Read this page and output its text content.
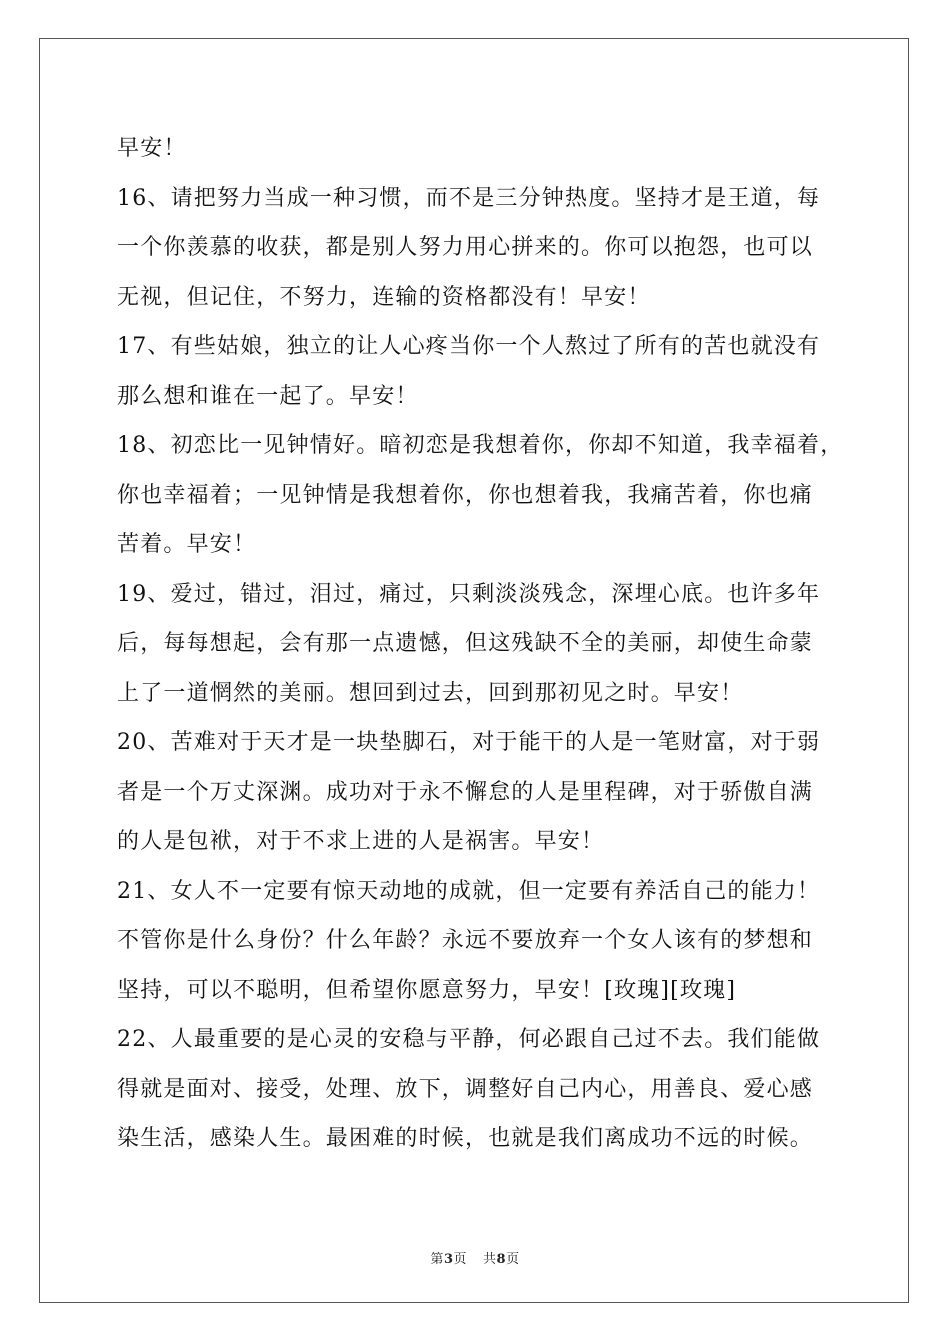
早安！
16、请把努力当成一种习惯，而不是三分钟热度。坚持才是王道，每
一个你羡慕的收获，都是别人努力用心拼来的。你可以抱怨，也可以
无视，但记住，不努力，连输的资格都没有！早安！
17、有些姑娘，独立的让人心疼当你一个人熬过了所有的苦也就没有
那么想和谁在一起了。早安！
18、初恋比一见钟情好。暗初恋是我想着你，你却不知道，我幸福着，
你也幸福着；一见钟情是我想着你，你也想着我，我痛苦着，你也痛
苦着。早安！
19、爱过，错过，泪过，痛过，只剩淡淡残念，深埋心底。也许多年
后，每每想起，会有那一点遗憾，但这残缺不全的美丽，却使生命蒙
上了一道惘然的美丽。想回到过去，回到那初见之时。早安！
20、苦难对于天才是一块垫脚石，对于能干的人是一笔财富，对于弱
者是一个万丈深渊。成功对于永不懈怠的人是里程碑，对于骄傲自满
的人是包袱，对于不求上进的人是祸害。早安！
21、女人不一定要有惊天动地的成就，但一定要有养活自己的能力！
不管你是什么身份？什么年龄？永远不要放弃一个女人该有的梦想和
坚持，可以不聪明，但希望你愿意努力，早安！[玫瑰][玫瑰]
22、人最重要的是心灵的安稳与平静，何必跟自己过不去。我们能做
得就是面对、接受，处理、放下，调整好自己内心，用善良、爱心感
染生活，感染人生。最困难的时候，也就是我们离成功不远的时候。
第3页 共8页
